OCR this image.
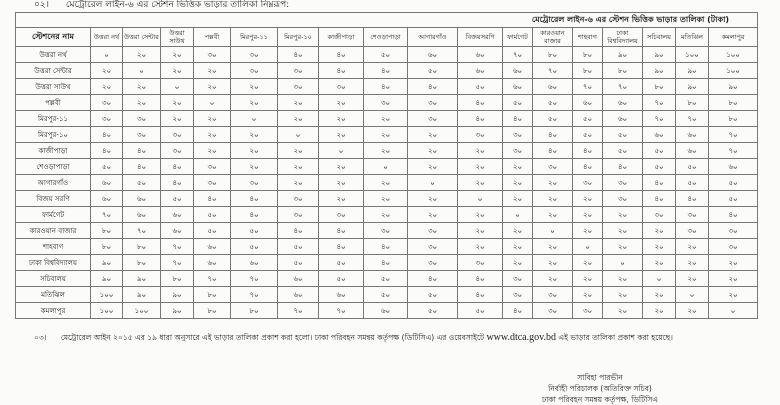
০২। মেট্রোরেল লাইন-৬ এর স্টেশন ভিত্তিক ভাড়ার তালিকা নিম্নরূপ:
মেট্রোরেল লাইন-৬ এর স্টেশন ভিত্তিক ভাড়ার তালিকা (টাকা)																	
স্টেশনের নাম	উত্তরা নর্থ	উত্তরা সেন্টার	উত্তরা সাউথ	পল্লবী	মিরপুর-১১	মিরপুর-১০	কাজীপাড়া	শেওড়াপাড়া	আগারগাঁও	বিজয়সরণি	ফার্মগেট	কারওয়ান বাজার	শাহবাগ	ঢাকা বিশ্ববিদ্যালয়	সচিবালয়	মতিঝিল	কমলাপুর
উত্তরা নর্থ	০	২০	২০	৩০	৩০	৪০	৪০	৫০	৬০	৬০	৭০	৮০	৮০	৯০	৯০	১০০	১০০
উত্তরা সেন্টার	২০	০	২০	২০	৩০	৩০	৪০	৪০	৫০	৬০	৬০	৭০	৮০	৮০	৯০	৯০	১০০
উত্তরা সাউথ	২০	২০	০	২০	২০	৩০	৩০	৪০	৪০	৫০	৬০	৬০	৭০	৭০	৮০	৯০	৯০
পল্লবী	৩০	২০	২০	০	২০	২০	২০	৩০	৩০	৪০	৫০	৫০	৬০	৬০	৭০	৮০	৮০
মিরপুর-১১	৩০	৩০	২০	২০	০	২০	২০	২০	৩০	৪০	৪০	৫০	৫০	৬০	৭০	৭০	৮০
মিরপুর-১০	৪০	৩০	৩০	২০	২০	০	২০	২০	২০	৩০	৩০	৪০	৫০	৫০	৬০	৬০	৭০
কাজীপাড়া	৪০	৪০	৩০	২০	২০	২০	০	২০	২০	২০	৩০	৪০	৪০	৫০	৫০	৬০	৭০
শেওড়াপাড়া	৫০	৪০	৪০	৩০	২০	২০	২০	০	২০	২০	২০	৩০	৪০	৪০	৫০	৫০	৬০
আগারগাঁও	৬০	৫০	৪০	৩০	৩০	২০	২০	২০	০	২০	২০	২০	৩০	৩০	৪০	৫০	৫০
বিজয় সরণি	৬০	৬০	৫০	৪০	৪০	৩০	২০	২০	২০	০	২০	২০	২০	৩০	৪০	৪০	৫০
ফার্মগেট	৭০	৬০	৬০	৫০	৪০	৩০	৩০	২০	২০	২০	০	২০	২০	২০	৩০	৩০	৪০
কারওয়ান বাজার	৮০	৭০	৬০	৫০	৫০	৪০	৪০	৩০	৩০	২০	২০	০	২০	২০	২০	৩০	৩০
শাহবাগ	৮০	৮০	৭০	৬০	৫০	৫০	৪০	৪০	৩০	২০	২০	২০	০	২০	২০	২০	৩০
ঢাকা বিশ্ববিদ্যালয়	৯০	৮০	৭০	৬০	৬০	৫০	৫০	৪০	৩০	৩০	২০	২০	২০	০	২০	২০	২০
সচিবালয়	৯০	৯০	৮০	৭০	৭০	৬০	৫০	৫০	৪০	৪০	৩০	২০	২০	২০	০	২০	২০
মতিঝিল	১০০	৯০	৯০	৮০	৭০	৬০	৬০	৫০	৫০	৪০	৩০	৩০	২০	২০	২০	০	২০
কমলাপুর	১০০	১০০	৯০	৮০	৮০	৭০	৭০	৬০	৫০	৫০	৪০	৩০	৩০	২০	২০	২০	০
০৩। মেট্রোরেল আইন ২০১৫ এর ১৯ ধারা অনুসারে এই ভাড়ার তালিকা প্রকাশ করা হলো। ঢাকা পরিবহন সমন্বয় কর্তৃপক্ষ (ডিটিসিএ) এর ওয়েবসাইটে www.dtca.gov.bd এই ভাড়ার তালিকা প্রকাশ করা হয়েছে।
সাবিহা পারভীন
নির্বাহী পরিচালক (অতিরিক্ত সচিব)
ঢাকা পরিবহন সমন্বয় কর্তৃপক্ষ, ডিটিসিএ
